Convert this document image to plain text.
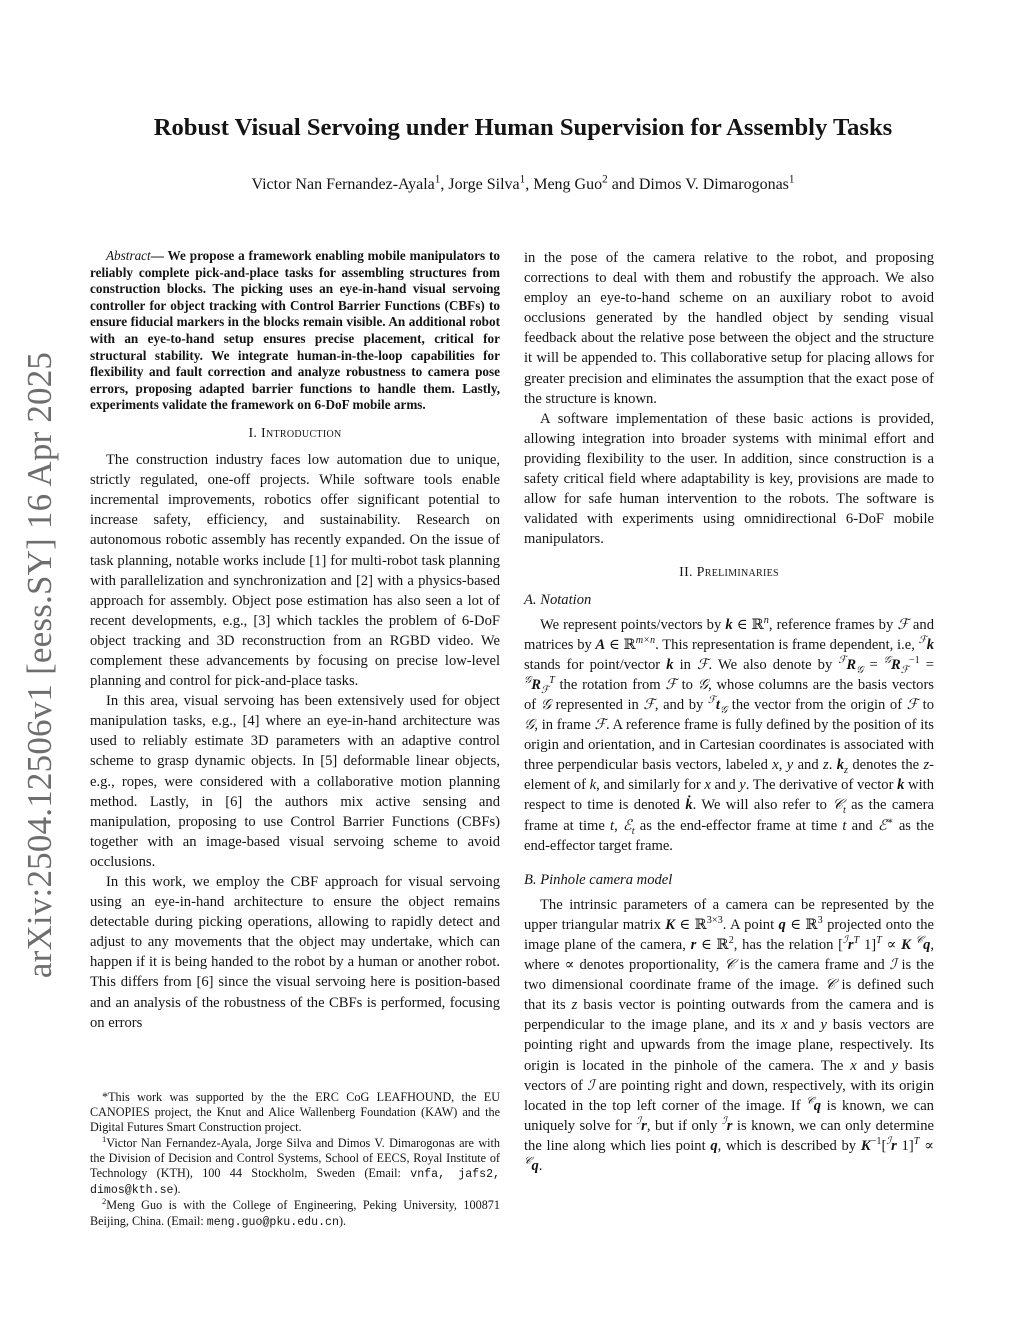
arXiv:2504.12506v1 [eess.SY] 16 Apr 2025
Robust Visual Servoing under Human Supervision for Assembly Tasks

Victor Nan Fernandez-Ayala$^1$, Jorge Silva$^1$, Meng Guo$^2$ and Dimos V. Dimarogonas$^1$

Abstract— We propose a framework enabling mobile manipulators to reliably complete pick-and-place tasks for assembling structures from construction blocks. The picking uses an eye-in-hand visual servoing controller for object tracking with Control Barrier Functions (CBFs) to ensure fiducial markers in the blocks remain visible. An additional robot with an eye-to-hand setup ensures precise placement, critical for structural stability. We integrate human-in-the-loop capabilities for flexibility and fault correction and analyze robustness to camera pose errors, proposing adapted barrier functions to handle them. Lastly, experiments validate the framework on 6-DoF mobile arms.

I. Introduction

The construction industry faces low automation due to unique, strictly regulated, one-off projects. While software tools enable incremental improvements, robotics offer significant potential to increase safety, efficiency, and sustainability. Research on autonomous robotic assembly has recently expanded. On the issue of task planning, notable works include [1] for multi-robot task planning with parallelization and synchronization and [2] with a physics-based approach for assembly. Object pose estimation has also seen a lot of recent developments, e.g., [3] which tackles the problem of 6-DoF object tracking and 3D reconstruction from an RGBD video. We complement these advancements by focusing on precise low-level planning and control for pick-and-place tasks.

In this area, visual servoing has been extensively used for object manipulation tasks, e.g., [4] where an eye-in-hand architecture was used to reliably estimate 3D parameters with an adaptive control scheme to grasp dynamic objects. In [5] deformable linear objects, e.g., ropes, were considered with a collaborative motion planning method. Lastly, in [6] the authors mix active sensing and manipulation, proposing to use Control Barrier Functions (CBFs) together with an image-based visual servoing scheme to avoid occlusions.

In this work, we employ the CBF approach for visual servoing using an eye-in-hand architecture to ensure the object remains detectable during picking operations, allowing to rapidly detect and adjust to any movements that the object may undertake, which can happen if it is being handed to the robot by a human or another robot. This differs from [6] since the visual servoing here is position-based and an analysis of the robustness of the CBFs is performed, focusing on errors

*This work was supported by the the ERC CoG LEAFHOUND, the EU CANOPIES project, the Knut and Alice Wallenberg Foundation (KAW) and the Digital Futures Smart Construction project.

$^1$Victor Nan Fernandez-Ayala, Jorge Silva and Dimos V. Dimarogonas are with the Division of Decision and Control Systems, School of EECS, Royal Institute of Technology (KTH), 100 44 Stockholm, Sweden (Email: vnfa, jafs2, dimos@kth.se).

$^2$Meng Guo is with the College of Engineering, Peking University, 100871 Beijing, China. (Email: meng.guo@pku.edu.cn).

in the pose of the camera relative to the robot, and proposing corrections to deal with them and robustify the approach. We also employ an eye-to-hand scheme on an auxiliary robot to avoid occlusions generated by the handled object by sending visual feedback about the relative pose between the object and the structure it will be appended to. This collaborative setup for placing allows for greater precision and eliminates the assumption that the exact pose of the structure is known.

A software implementation of these basic actions is provided, allowing integration into broader systems with minimal effort and providing flexibility to the user. In addition, since construction is a safety critical field where adaptability is key, provisions are made to allow for safe human intervention to the robots. The software is validated with experiments using omnidirectional 6-DoF mobile manipulators.

II. Preliminaries

A. Notation

We represent points/vectors by k ∈ ℝ$^n$, reference frames by ℱ and matrices by A ∈ ℝ$^{m\times n}$. This representation is frame dependent, i.e, $^ℱ$k stands for point/vector k in ℱ. We also denote by $^ℱR_𝒢 = ^𝒢R_ℱ^{-1} = ^𝒢R_ℱ^T$ the rotation from ℱ to 𝒢, whose columns are the basis vectors of 𝒢 represented in ℱ, and by $^ℱt_𝒢$ the vector from the origin of ℱ to 𝒢, in frame ℱ. A reference frame is fully defined by the position of its origin and orientation, and in Cartesian coordinates is associated with three perpendicular basis vectors, labeled x, y and z. $k_z$ denotes the z-element of k, and similarly for x and y. The derivative of vector k with respect to time is denoted k̇. We will also refer to 𝒞$_t$ as the camera frame at time t, ℰ$_t$ as the end-effector frame at time t and ℰ∗ as the end-effector target frame.

B. Pinhole camera model

The intrinsic parameters of a camera can be represented by the upper triangular matrix K ∈ ℝ$^{3\times 3}$. A point q ∈ ℝ$^3$ projected onto the image plane of the camera, r ∈ ℝ$^2$, has the relation [$^ℐr^T$ 1]$^T$ ∝ K $^𝒞$q, where ∝ denotes proportionality, 𝒞 is the camera frame and ℐ is the two dimensional coordinate frame of the image. 𝒞 is defined such that its z basis vector is pointing outwards from the camera and is perpendicular to the image plane, and its x and y basis vectors are pointing right and upwards from the image plane, respectively. Its origin is located in the pinhole of the camera. The x and y basis vectors of ℐ are pointing right and down, respectively, with its origin located in the top left corner of the image. If $^𝒞$q is known, we can uniquely solve for $^ℐ$r, but if only $^ℐ$r is known, we can only determine the line along which lies point q, which is described by $K^{-1}[^ℐr$ 1]$^T$ ∝ $^𝒞$q.
